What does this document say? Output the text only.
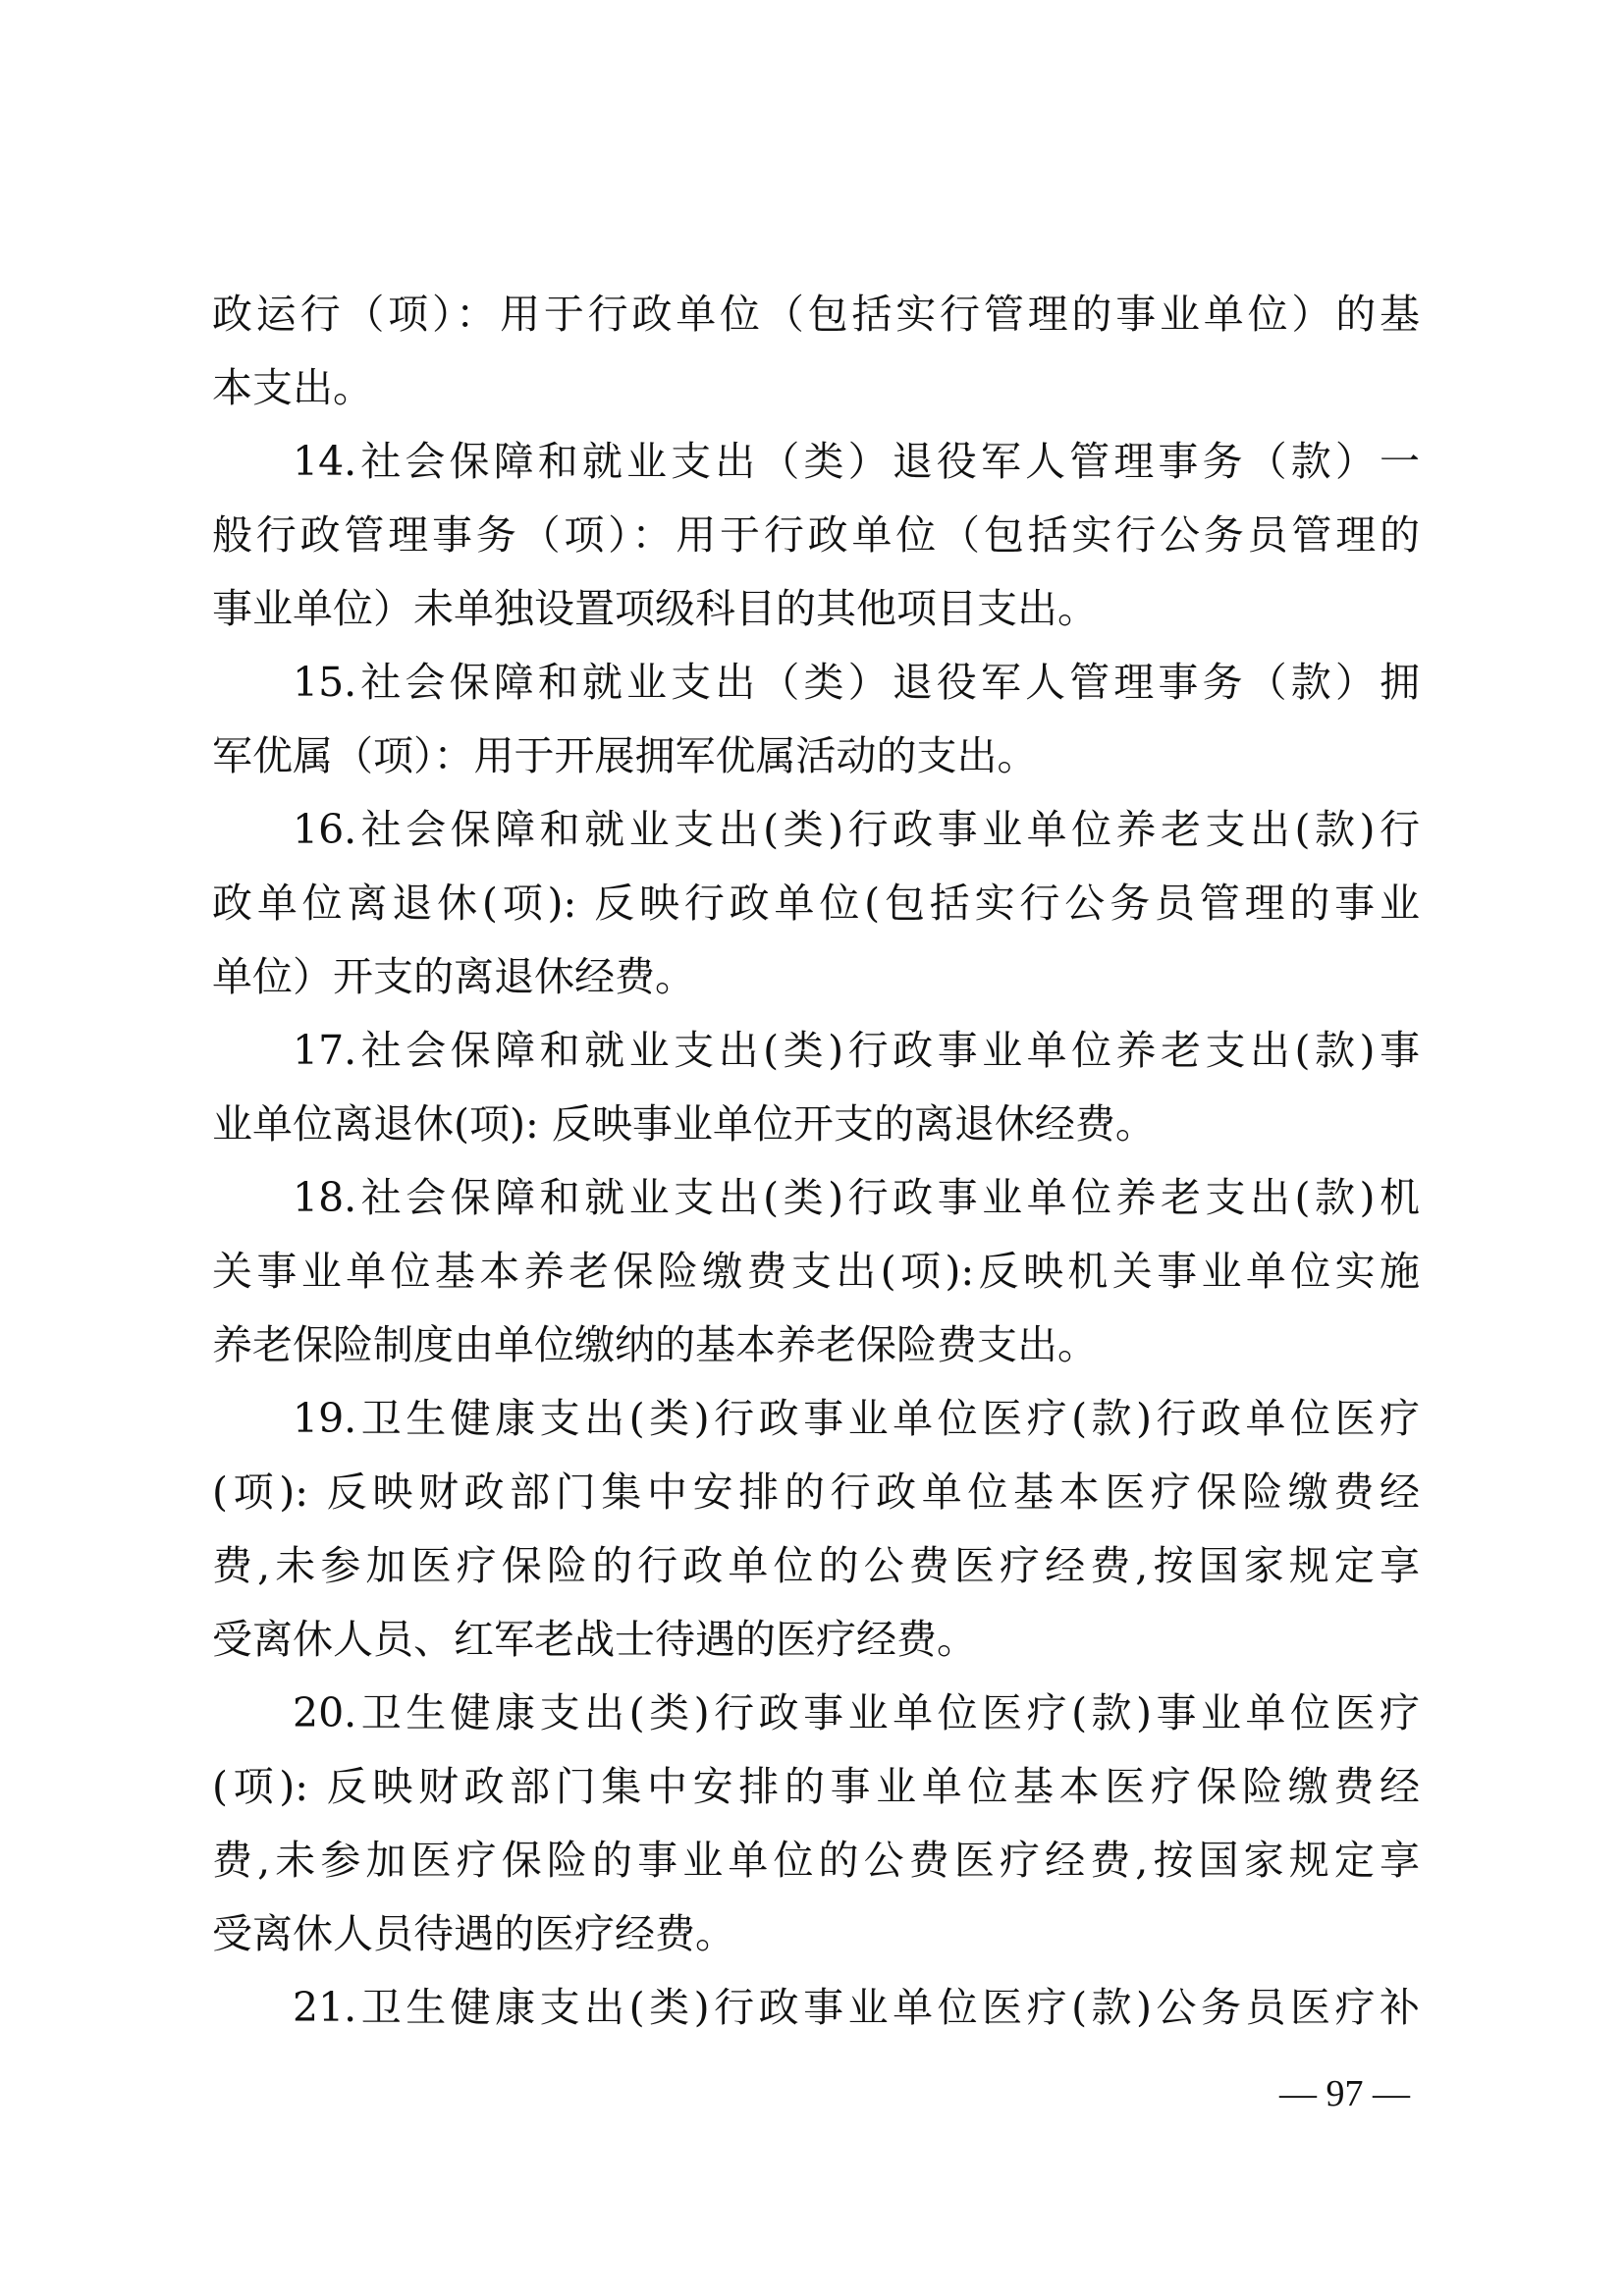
政运行（项）：用于行政单位（包括实行管理的事业单位）的基
本支出。
14.社会保障和就业支出（类）退役军人管理事务（款）一
般行政管理事务（项）：用于行政单位（包括实行公务员管理的
事业单位）未单独设置项级科目的其他项目支出。
15.社会保障和就业支出（类）退役军人管理事务（款）拥
军优属（项）：用于开展拥军优属活动的支出。
16.社会保障和就业支出(类)行政事业单位养老支出(款)行
政单位离退休(项): 反映行政单位(包括实行公务员管理的事业
单位）开支的离退休经费。
17.社会保障和就业支出(类)行政事业单位养老支出(款)事
业单位离退休(项): 反映事业单位开支的离退休经费。
18.社会保障和就业支出(类)行政事业单位养老支出(款)机
关事业单位基本养老保险缴费支出(项):反映机关事业单位实施
养老保险制度由单位缴纳的基本养老保险费支出。
19.卫生健康支出(类)行政事业单位医疗(款)行政单位医疗
(项): 反映财政部门集中安排的行政单位基本医疗保险缴费经
费,未参加医疗保险的行政单位的公费医疗经费,按国家规定享
受离休人员、红军老战士待遇的医疗经费。
20.卫生健康支出(类)行政事业单位医疗(款)事业单位医疗
(项): 反映财政部门集中安排的事业单位基本医疗保险缴费经
费,未参加医疗保险的事业单位的公费医疗经费,按国家规定享
受离休人员待遇的医疗经费。
21.卫生健康支出(类)行政事业单位医疗(款)公务员医疗补
— 97 —
